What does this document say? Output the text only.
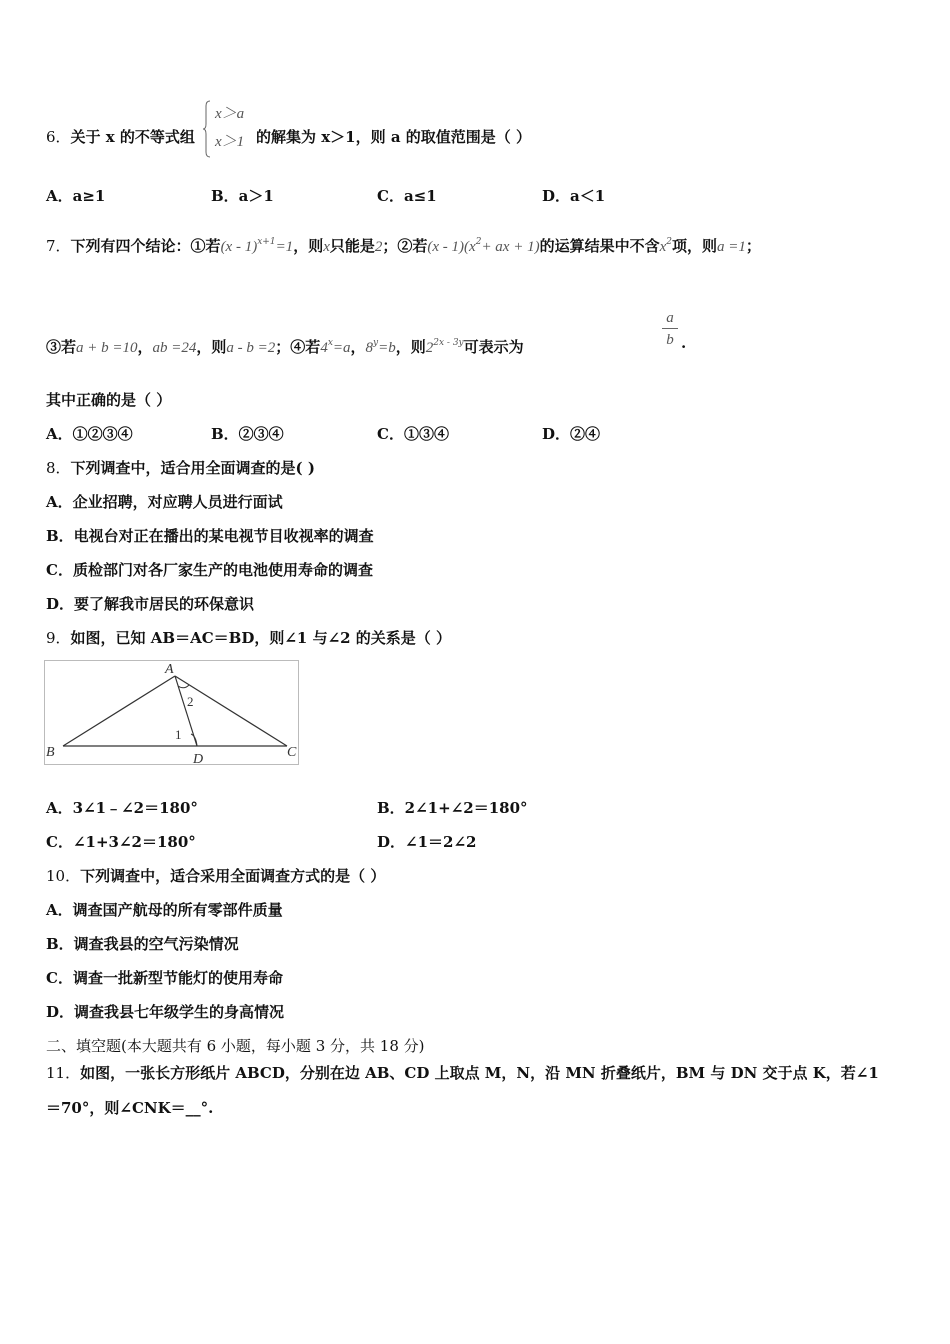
6．关于 x 的不等式组
x＞a
x＞1 的解集为 x＞1，则 a 的取值范围是（ ）
A．a≥1	B．a＞1	C．a≤1	D．a＜1
7．下列有四个结论：①若(x - 1)$^{x+1}$=1，则x只能是2；②若$(x - 1)(x^2+$ ax + 1)的运算结果中不含$x^2$项，则a =1；
③若a + b =10，ab =24，则a - b =2；④若$4^x=a$，$8^y=b$，则$2^{2x - 3y}$可表示为
a
b .
其中正确的是（ ）
A．①②③④	B．②③④	C．①③④	D．②④
8．下列调查中，适合用全面调查的是( )
A．企业招聘，对应聘人员进行面试
B．电视台对正在播出的某电视节目收视率的调查
C．质检部门对各厂家生产的电池使用寿命的调查
D．要了解我市居民的环保意识
9．如图，已知 AB＝AC＝BD，则∠1 与∠2 的关系是（ ）
A
B	C
D
1
2
A．3∠1﹣∠2＝180°	B．2∠1+∠2＝180°
C．∠1+3∠2＝180°	D．∠1＝2∠2
10．下列调查中，适合采用全面调查方式的是（ ）
A．调查国产航母的所有零部件质量
B．调查我县的空气污染情况
C．调查一批新型节能灯的使用寿命
D．调查我县七年级学生的身高情况
二、填空题(本大题共有 6 小题，每小题 3 分，共 18 分)
11．如图，一张长方形纸片 ABCD，分别在边 AB、CD 上取点 M，N，沿 MN 折叠纸片，BM 与 DN 交于点 K，若∠1
＝70°，则∠CNK＝__°.
